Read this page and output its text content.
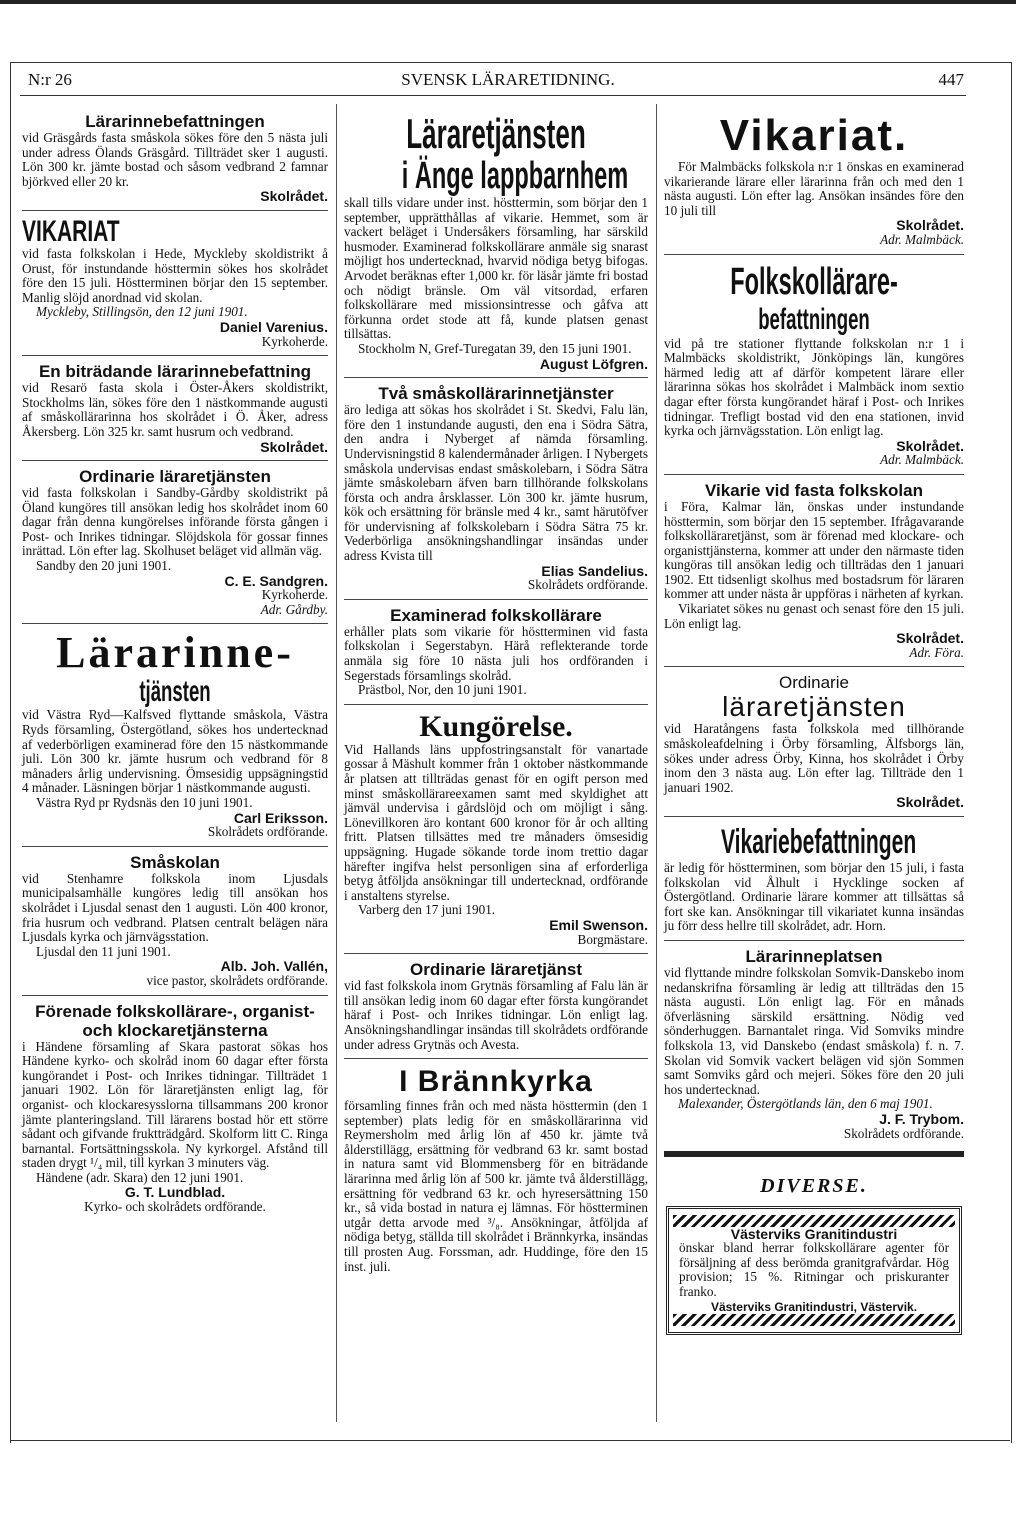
N:r 26	SVENSK LÄRARETIDNING.	447
Lärarinnebefattningen

vid Gräsgårds fasta småskola sökes före den 5 nästa juli under adress Ölands Gräsgård. Tillträdet sker 1 augusti. Lön 300 kr. jämte bostad och såsom vedbrand 2 famnar björkved eller 20 kr.

Skolrådet.
VIKARIAT

vid fasta folkskolan i Hede, Myckleby skoldistrikt å Orust, för instundande hösttermin sökes hos skolrådet före den 15 juli. Höstterminen börjar den 15 september. Manlig slöjd anordnad vid skolan.

Myckleby, Stillingsön, den 12 juni 1901.

Daniel Varenius.
Kyrkoherde.
En biträdande lärarinnebefattning

vid Resarö fasta skola i Öster-Åkers skoldistrikt, Stockholms län, sökes före den 1 nästkommande augusti af småskollärarinna hos skolrådet i Ö. Åker, adress Åkersberg. Lön 325 kr. samt husrum och vedbrand.

Skolrådet.
Ordinarie läraretjänsten

vid fasta folkskolan i Sandby-Gårdby skoldistrikt på Öland kungöres till ansökan ledig hos skolrådet inom 60 dagar från denna kungörelses införande första gången i Post- och Inrikes tidningar. Slöjdskola för gossar finnes inrättad. Lön efter lag. Skolhuset beläget vid allmän väg.

Sandby den 20 juni 1901.

C. E. Sandgren.
Kyrkoherde.
Adr. Gårdby.
Lärarinne-
tjänsten

vid Västra Ryd—Kalfsved flyttande småskola, Västra Ryds församling, Östergötland, sökes hos undertecknad af vederbörligen examinerad före den 15 nästkommande juli. Lön 300 kr. jämte husrum och vedbrand för 8 månaders årlig undervisning. Ömsesidig uppsägningstid 4 månader. Läsningen börjar 1 nästkommande augusti.

Västra Ryd pr Rydsnäs den 10 juni 1901.

Carl Eriksson.
Skolrådets ordförande.
Småskolan

vid Stenhamre folkskola inom Ljusdals municipalsamhälle kungöres ledig till ansökan hos skolrådet i Ljusdal senast den 1 augusti. Lön 400 kronor, fria husrum och vedbrand. Platsen centralt belägen nära Ljusdals kyrka och järnvägsstation.

Ljusdal den 11 juni 1901.

Alb. Joh. Vallén,
vice pastor, skolrådets ordförande.
Förenade folkskollärare-, organist- och klockaretjänsterna

i Händene församling af Skara pastorat sökas hos Händene kyrko- och skolråd inom 60 dagar efter första kungörandet i Post- och Inrikes tidningar. Tillträdet 1 januari 1902. Lön för läraretjänsten enligt lag, för organist- och klockaresysslorna tillsammans 200 kronor jämte planteringsland. Till lärarens bostad hör ett större sådant och gifvande fruktträdgård. Skolform litt C. Ringa barnantal. Fortsättningsskola. Ny kyrkorgel. Afstånd till staden drygt ¹/₄ mil, till kyrkan 3 minuters väg.

Händene (adr. Skara) den 12 juni 1901.

G. T. Lundblad.
Kyrko- och skolrådets ordförande.
Läraretjänsten
i Änge lappbarnhem

skall tills vidare under inst. hösttermin, som börjar den 1 september, upprätthållas af vikarie. Hemmet, som är vackert beläget i Undersåkers församling, har särskild husmoder. Examinerad folkskollärare anmäle sig snarast möjligt hos undertecknad, hvarvid nödiga betyg bifogas. Arvodet beräknas efter 1,000 kr. för läsår jämte fri bostad och nödigt bränsle. Om väl vitsordad, erfaren folkskollärare med missionsintresse och gåfva att förkunna ordet stode att få, kunde platsen genast tillsättas.

Stockholm N, Gref-Turegatan 39, den 15 juni 1901.

August Löfgren.
Två småskollärarinnetjänster

äro lediga att sökas hos skolrådet i St. Skedvi, Falu län, före den 1 instundande augusti, den ena i Södra Sätra, den andra i Nyberget af nämda församling. Undervisningstid 8 kalendermånader årligen. I Nybergets småskola undervisas endast småskolebarn, i Södra Sätra jämte småskolebarn äfven barn tillhörande folkskolans första och andra årsklasser. Lön 300 kr. jämte husrum, kök och ersättning för bränsle med 4 kr., samt härutöfver för undervisning af folkskolebarn i Södra Sätra 75 kr. Vederbörliga ansökningshandlingar insändas under adress Kvista till

Elias Sandelius.
Skolrådets ordförande.
Examinerad folkskollärare

erhåller plats som vikarie för höstterminen vid fasta folkskolan i Segerstabyn. Härå reflekterande torde anmäla sig före 10 nästa juli hos ordföranden i Segerstads församlings skolråd.

Prästbol, Nor, den 10 juni 1901.

Kungörelse.

Vid Hallands läns uppfostringsanstalt för vanartade gossar å Mäshult kommer från 1 oktober nästkommande år platsen att tillträdas genast för en ogift person med minst småskollärareexamen samt med skyldighet att jämväl undervisa i gårdslöjd och om möjligt i sång. Lönevillkoren äro kontant 600 kronor för år och allting fritt. Platsen tillsättes med tre månaders ömsesidig uppsägning. Hugade sökande torde inom trettio dagar härefter ingifva helst personligen sina af erforderliga betyg åtföljda ansökningar till undertecknad, ordförande i anstaltens styrelse.

Varberg den 17 juni 1901.

Emil Swenson.
Borgmästare.
Ordinarie läraretjänst

vid fast folkskola inom Grytnäs församling af Falu län är till ansökan ledig inom 60 dagar efter första kungörandet häraf i Post- och Inrikes tidningar. Lön enligt lag. Ansökningshandlingar insändas till skolrådets ordförande under adress Grytnäs och Avesta.

I Brännkyrka

församling finnes från och med nästa hösttermin (den 1 september) plats ledig för en småskollärarinna vid Reymersholm med årlig lön af 450 kr. jämte två ålderstillägg, ersättning för vedbrand 63 kr. samt bostad in natura samt vid Blommensberg för en biträdande lärarinna med årlig lön af 500 kr. jämte två ålderstillägg, ersättning för vedbrand 63 kr. och hyresersättning 150 kr., så vida bostad in natura ej lämnas. För höstterminen utgår detta arvode med ³/₈. Ansökningar, åtföljda af nödiga betyg, ställda till skolrådet i Brännkyrka, insändas till prosten Aug. Forssman, adr. Huddinge, före den 15 inst. juli.

Vikariat.

För Malmbäcks folkskola n:r 1 önskas en examinerad vikarierande lärare eller lärarinna från och med den 1 nästa augusti. Lön efter lag. Ansökan insändes före den 10 juli till

Skolrådet.
Adr. Malmbäck.
Folkskollärare-
befattningen

vid på tre stationer flyttande folkskolan n:r 1 i Malmbäcks skoldistrikt, Jönköpings län, kungöres härmed ledig att af därför kompetent lärare eller lärarinna sökas hos skolrådet i Malmbäck inom sextio dagar efter första kungörandet häraf i Post- och Inrikes tidningar. Trefligt bostad vid den ena stationen, invid kyrka och järnvägsstation. Lön enligt lag.

Skolrådet.
Adr. Malmbäck.
Vikarie vid fasta folkskolan

i Föra, Kalmar län, önskas under instundande hösttermin, som börjar den 15 september. Ifrågavarande folkskolläraretjänst, som är förenad med klockare- och organisttjänsterna, kommer att under den närmaste tiden kungöras till ansökan ledig och tillträdas den 1 januari 1902. Ett tidsenligt skolhus med bostadsrum för läraren kommer att under nästa år uppföras i närheten af kyrkan.

Vikariatet sökes nu genast och senast före den 15 juli. Lön enligt lag.

Skolrådet.
Adr. Föra.
Ordinarie
läraretjänsten

vid Haratångens fasta folkskola med tillhörande småskoleafdelning i Örby församling, Älfsborgs län, sökes under adress Örby, Kinna, hos skolrådet i Örby inom den 3 nästa aug. Lön efter lag. Tillträde den 1 januari 1902.

Skolrådet.
Vikariebefattningen

är ledig för höstterminen, som börjar den 15 juli, i fasta folkskolan vid Ålhult i Hycklinge socken af Östergötland. Ordinarie lärare kommer att tillsättas så fort ske kan. Ansökningar till vikariatet kunna insändas ju förr dess hellre till skolrådet, adr. Horn.

Lärarinneplatsen

vid flyttande mindre folkskolan Somvik-Danskebo inom nedanskrifna församling är ledig att tillträdas den 15 nästa augusti. Lön enligt lag. För en månads öfverläsning särskild ersättning. Nödig ved sönderhuggen. Barnantalet ringa. Vid Somviks mindre folkskola 13, vid Danskebo (endast småskola) f. n. 7. Skolan vid Somvik vackert belägen vid sjön Sommen samt Somviks gård och mejeri. Sökes före den 20 juli hos undertecknad.

Malexander, Östergötlands län, den 6 maj 1901.

J. F. Trybom.
Skolrådets ordförande.
DIVERSE.
Västerviks Granitindustri

önskar bland herrar folkskollärare agenter för försäljning af dess berömda granitgrafvårdar. Hög provision; 15 %. Ritningar och priskuranter franko.

Västerviks Granitindustri, Västervik.
